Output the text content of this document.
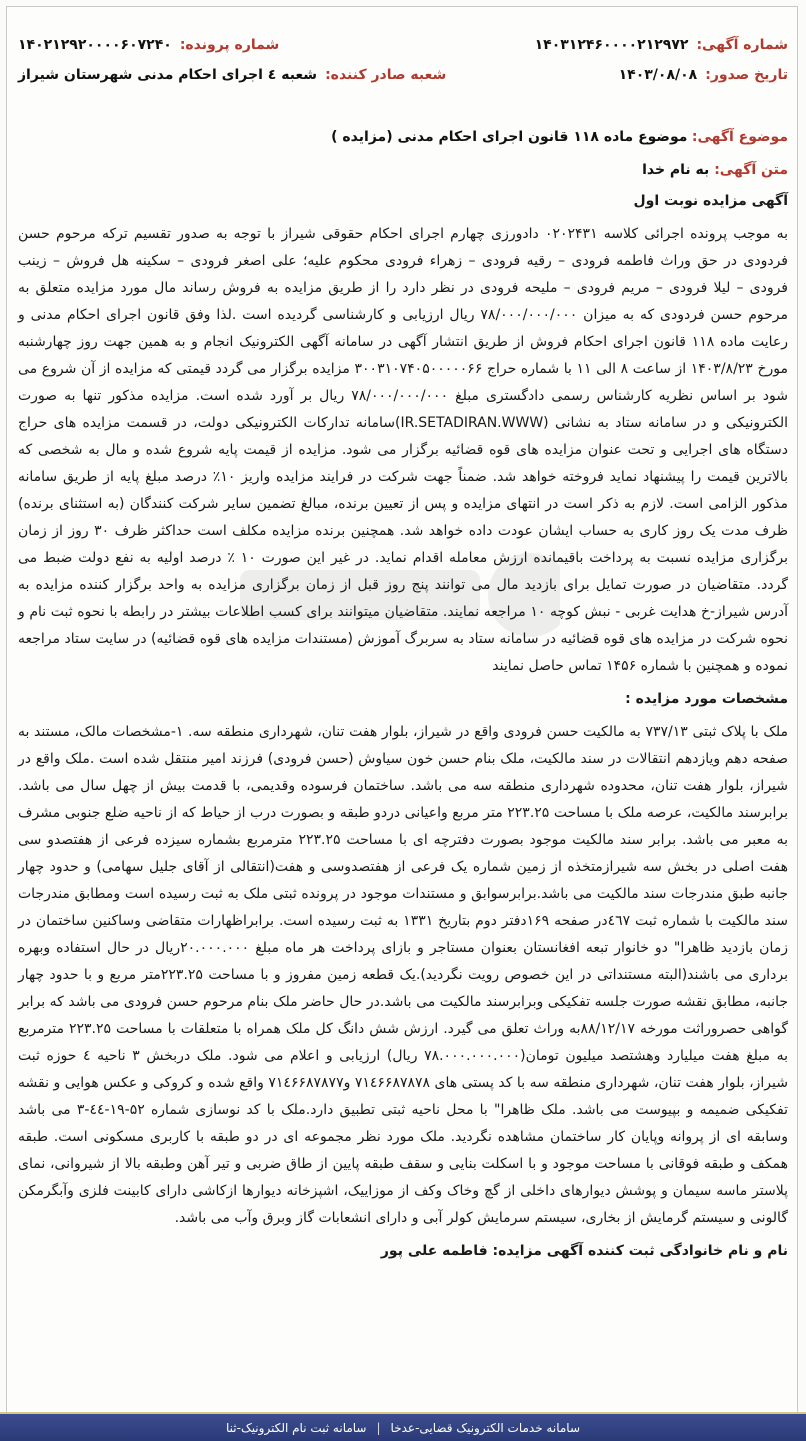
شماره آگهی:
۱۴۰۳۱۲۴۶۰۰۰۰۲۱۲۹۷۲
شماره پرونده:
۱۴۰۲۱۲۹۲۰۰۰۰۶۰۷۲۴۰
تاریخ صدور:
۱۴۰۳/۰۸/۰۸
شعبه صادر کننده:
شعبه ٤ اجرای احکام مدنی شهرستان شیراز
موضوع آگهی: موضوع ماده ۱۱۸ قانون اجرای احکام مدنی (مزایده )
متن آگهی: به نام خدا
آگهی مزایده نوبت اول

به موجب پرونده اجرائی کلاسه ۰۲۰۲۴۳۱ دادورزی چهارم اجرای احکام حقوقی شیراز با توجه به صدور تقسیم ترکه مرحوم حسن فردودی در حق وراث فاطمه فرودی – رقیه فرودی – زهراء فرودی محکوم علیه؛ علی اصغر فرودی – سکینه هل فروش – زینب فرودی – لیلا فرودی – مریم فرودی – ملیحه فرودی در نظر دارد را از طریق مزایده به فروش رساند مال مورد مزایده متعلق به مرحوم حسن فردودی که به میزان ۷۸/۰۰۰/۰۰۰/۰۰۰ ریال ارزیابی و کارشناسی گردیده است .لذا وفق قانون اجرای احکام مدنی و رعایت ماده ۱۱۸ قانون اجرای احکام فروش از طریق انتشار آگهی در سامانه آگهی الکترونیک انجام و به همین جهت روز چهارشنبه مورخ ۱۴۰۳/۸/۲۳ از ساعت ۸ الی ۱۱ با شماره حراج ۳۰۰۳۱۰۷۴۰۵۰۰۰۰۰۶۶ مزایده برگزار می گردد قیمتی که مزایده از آن شروع می شود بر اساس نظریه کارشناس رسمی دادگستری مبلغ ۷۸/۰۰۰/۰۰۰/۰۰۰ ریال بر آورد شده است. مزایده مذکور تنها به صورت الکترونیکی و در سامانه ستاد به نشانی (IR.SETADIRAN.WWW)سامانه تدارکات الکترونیکی دولت، در قسمت مزایده های حراج دستگاه های اجرایی و تحت عنوان مزایده های قوه قضائیه برگزار می شود. مزایده از قیمت پایه شروع شده و مال به شخصی که بالاترین قیمت را پیشنهاد نماید فروخته خواهد شد. ضمناً جهت شرکت در فرایند مزایده واریز ۱۰٪ درصد مبلغ پایه از طریق سامانه مذکور الزامی است. لازم به ذکر است در انتهای مزایده و پس از تعیین برنده، مبالغ تضمین سایر شرکت کنندگان (به استثنای برنده) ظرف مدت یک روز کاری به حساب ایشان عودت داده خواهد شد. همچنین برنده مزایده مکلف است حداکثر ظرف ۳۰ روز از زمان برگزاری مزایده نسبت به پرداخت باقیمانده ارزش معامله اقدام نماید. در غیر این صورت ۱۰ ٪ درصد اولیه به نفع دولت ضبط می گردد. متقاضیان در صورت تمایل برای بازدید مال می توانند پنج روز قبل از زمان برگزاری مزایده به واحد برگزار کننده مزایده به آدرس شیراز-خ هدایت غربی - نبش کوچه ۱۰ مراجعه نمایند. متقاضیان میتوانند برای کسب اطلاعات بیشتر در رابطه با نحوه ثبت نام و نحوه شرکت در مزایده های قوه قضائیه در سامانه ستاد به سربرگ آموزش (مستندات مزایده های قوه قضائیه) در سایت ستاد مراجعه نموده و همچنین با شماره ۱۴۵۶ تماس حاصل نمایند

مشخصات مورد مزایده :

ملک با پلاک ثبتی ۷۳۷/۱۳ به مالکیت حسن فرودی واقع در شیراز، بلوار هفت تنان، شهرداری منطقه سه. ۱-مشخصات مالک، مستند به صفحه دهم ویازدهم انتقالات در سند مالکیت، ملک بنام حسن خون سیاوش (حسن فرودی) فرزند امیر منتقل شده است .ملک واقع در شیراز، بلوار هفت تنان، محدوده شهرداری منطقه سه می باشد. ساختمان فرسوده وقدیمی، با قدمت بیش از چهل سال می باشد. برابرسند مالکیت، عرصه ملک با مساحت ۲۲۳.۲۵ متر مربع واعیانی دردو طبقه و بصورت درب از حیاط که از ناحیه ضلع جنوبی مشرف به معبر می باشد. برابر سند مالکیت موجود بصورت دفترچه ای با مساحت ۲۲۳.۲۵ مترمربع بشماره سیزده فرعی از هفتصدو سی هفت اصلی در بخش سه شیرازمتخذه از زمین شماره یک فرعی از هفتصدوسی و هفت(انتقالی از آقای جلیل سهامی) و حدود چهار جانبه طبق مندرجات سند مالکیت می باشد.برابرسوابق و مستندات موجود در پرونده ثبتی ملک به ثبت رسیده است ومطابق مندرجات سند مالکیت با شماره ثبت ٤٦٧در صفحه ۱۶۹دفتر دوم بتاریخ ۱۳۳۱ به ثبت رسیده است. برابراظهارات متقاضی وساکنین ساختمان در زمان بازدید ظاهرا" دو خانوار تبعه افغانستان بعنوان مستاجر و بازای پرداخت هر ماه مبلغ ۲۰.۰۰۰.۰۰۰ریال در حال استفاده وبهره برداری می باشند(البته مستنداتی در این خصوص رویت نگردید).یک قطعه زمین مفروز و با مساحت ۲۲۳.۲۵متر مربع و با حدود چهار جانبه، مطابق نقشه صورت جلسه تفکیکی وبرابرسند مالکیت می باشد.در حال حاضر ملک بنام مرحوم حسن فرودی می باشد که برابر گواهی حصروراثت مورخه ۸۸/۱۲/۱۷به وراث تعلق می گیرد. ارزش شش دانگ کل ملک همراه با متعلقات با مساحت ۲۲۳.۲۵ مترمربع به مبلغ هفت میلیارد وهشتصد میلیون تومان(۷۸.۰۰۰.۰۰۰.۰۰۰ ریال) ارزیابی و اعلام می شود. ملک دربخش ۳ ناحیه ٤ حوزه ثبت شیراز، بلوار هفت تنان، شهرداری منطقه سه با کد پستی های ۷۱٤۶۶۸۷۸۷۸ و۷۱٤۶۶۸۷۸۷۷ واقع شده و کروکی و عکس هوایی و نقشه تفکیکی ضمیمه و بپیوست می باشد. ملک ظاهرا" با محل ناحیه ثبتی تطبیق دارد.ملک با کد نوسازی شماره ۵۲-۱۹-٤٤-۳ می باشد وسابقه ای از پروانه وپایان کار ساختمان مشاهده نگردید. ملک مورد نظر مجموعه ای در دو طبقه با کاربری مسکونی است. طبقه همکف و طبقه فوقانی با مساحت موجود و با اسکلت بنایی و سقف طبقه پایین از طاق ضربی و تیر آهن وطبقه بالا از شیروانی، نمای پلاستر ماسه سیمان و پوشش دیوارهای داخلی از گچ وخاک وکف از موزاییک، اشپزخانه دیوارها ازکاشی دارای کابینت فلزی وآبگرمکن گالونی و سیستم گرمایش از بخاری، سیستم سرمایش کولر آبی و دارای انشعابات گاز وبرق وآب می باشد.

نام و نام خانوادگی ثبت کننده آگهی مزایده: فاطمه علی پور
سامانه خدمات الکترونیک قضایی-عدخا
|
سامانه ثبت نام الکترونیک-ثنا
